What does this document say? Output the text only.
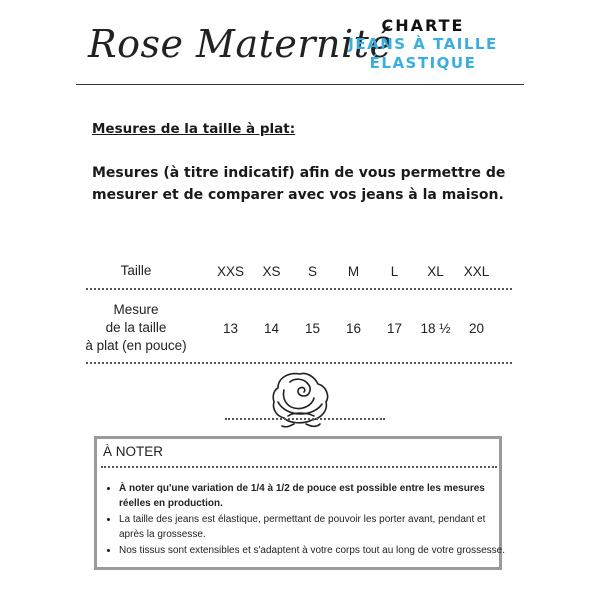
Rose Maternité
CHARTE
JEANS À TAILLE
ÉLASTIQUE
Mesures de la taille à plat:
Mesures (à titre indicatif) afin de vous permettre de mesurer et de comparer avec vos jeans à la maison.
Taille	XXS	XS	S	M	L	XL	XXL
Mesure
de la taille
à plat (en pouce)
13	14	15	16	17	18 ½	20
À NOTER
• À noter qu'une variation de 1/4 à 1/2 de pouce est possible entre les mesures réelles en production.
• La taille des jeans est élastique, permettant de pouvoir les porter avant, pendant et après la grossesse.
• Nos tissus sont extensibles et s'adaptent à votre corps tout au long de votre grossesse.
